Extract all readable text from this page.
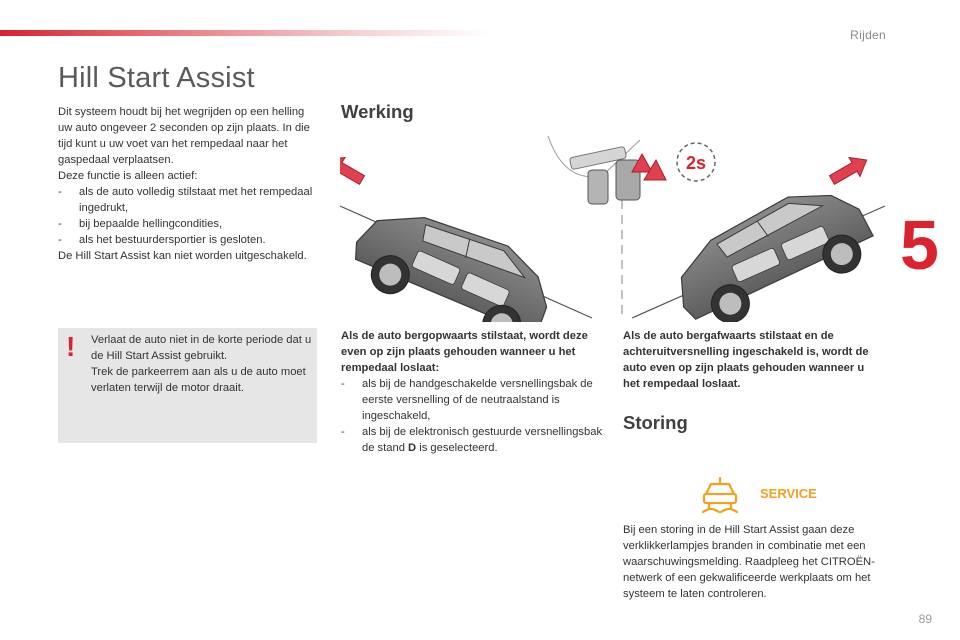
Rijden
5
Hill Start Assist

Dit systeem houdt bij het wegrijden op een helling uw auto ongeveer 2 seconden op zijn plaats. In die tijd kunt u uw voet van het rempedaal naar het gaspedaal verplaatsen.

Deze functie is alleen actief:

- als de auto volledig stilstaat met het rempedaal ingedrukt,
- bij bepaalde hellingcondities,
- als het bestuurdersportier is gesloten.

De Hill Start Assist kan niet worden uitgeschakeld.

! Verlaat de auto niet in de korte periode dat u de Hill Start Assist gebruikt.

Trek de parkeerrem aan als u de auto moet verlaten terwijl de motor draait.

Werking
2s

Als de auto bergopwaarts stilstaat, wordt deze even op zijn plaats gehouden wanneer u het rempedaal loslaat:

- als bij de handgeschakelde versnellingsbak de eerste versnelling of de neutraalstand is ingeschakeld,
- als bij de elektronisch gestuurde versnellingsbak de stand D is geselecteerd.

Als de auto bergafwaarts stilstaat en de achteruitversnelling ingeschakeld is, wordt de auto even op zijn plaats gehouden wanneer u het rempedaal loslaat.

Storing
SERVICE

Bij een storing in de Hill Start Assist gaan deze verklikkerlampjes branden in combinatie met een waarschuwingsmelding. Raadpleeg het CITROËN-netwerk of een gekwalificeerde werkplaats om het systeem te laten controleren.

89
